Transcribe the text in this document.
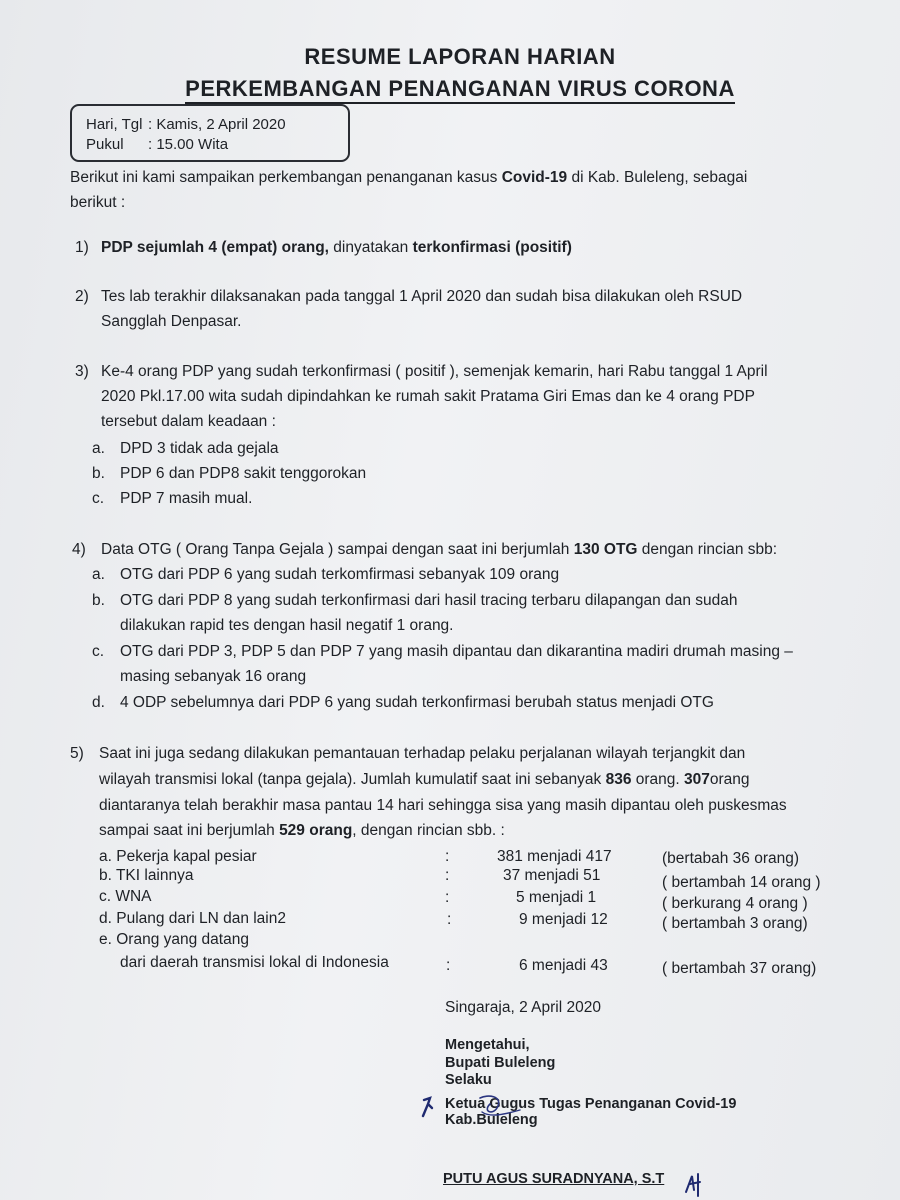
RESUME LAPORAN HARIAN
PERKEMBANGAN PENANGANAN VIRUS CORONA
Hari, Tgl : Kamis, 2 April 2020
Pukul : 15.00 Wita
Berikut ini kami sampaikan perkembangan penanganan kasus Covid-19 di Kab. Buleleng, sebagai
berikut :
1) PDP sejumlah 4 (empat) orang, dinyatakan terkonfirmasi (positif)
2) Tes lab terakhir dilaksanakan pada tanggal 1 April 2020 dan sudah bisa dilakukan oleh RSUD
Sangglah Denpasar.
3) Ke-4 orang PDP yang sudah terkonfirmasi ( positif ), semenjak kemarin, hari Rabu tanggal 1 April
2020 Pkl.17.00 wita sudah dipindahkan ke rumah sakit Pratama Giri Emas dan ke 4 orang PDP
tersebut dalam keadaan :
a. DPD 3 tidak ada gejala
b. PDP 6 dan PDP8 sakit tenggorokan
c. PDP 7 masih mual.
4) Data OTG ( Orang Tanpa Gejala ) sampai dengan saat ini berjumlah 130 OTG dengan rincian sbb:
a. OTG dari PDP 6 yang sudah terkomfirmasi sebanyak 109 orang
b. OTG dari PDP 8 yang sudah terkonfirmasi dari hasil tracing terbaru dilapangan dan sudah
dilakukan rapid tes dengan hasil negatif 1 orang.
c. OTG dari PDP 3, PDP 5 dan PDP 7 yang masih dipantau dan dikarantina madiri drumah masing –
masing sebanyak 16 orang
d. 4 ODP sebelumnya dari PDP 6 yang sudah terkonfirmasi berubah status menjadi OTG
5) Saat ini juga sedang dilakukan pemantauan terhadap pelaku perjalanan wilayah terjangkit dan
wilayah transmisi lokal (tanpa gejala). Jumlah kumulatif saat ini sebanyak 836 orang. 307orang
diantaranya telah berakhir masa pantau 14 hari sehingga sisa yang masih dipantau oleh puskesmas
sampai saat ini berjumlah 529 orang, dengan rincian sbb. :
a. Pekerja kapal pesiar	:	381 menjadi 417	(bertabah 36 orang)
b. TKI lainnya	:	37 menjadi 51	( bertambah 14 orang )
c. WNA	:	5 menjadi 1	( berkurang 4 orang )
d. Pulang dari LN dan lain2	:	9 menjadi 12	( bertambah 3 orang)
e. Orang yang datang
dari daerah transmisi lokal di Indonesia	:	6 menjadi 43	( bertambah 37 orang)
Singaraja, 2 April 2020
Mengetahui,
Bupati Buleleng
Selaku
Ketua Gugus Tugas Penanganan Covid-19
Kab.Buleleng
PUTU AGUS SURADNYANA, S.T
